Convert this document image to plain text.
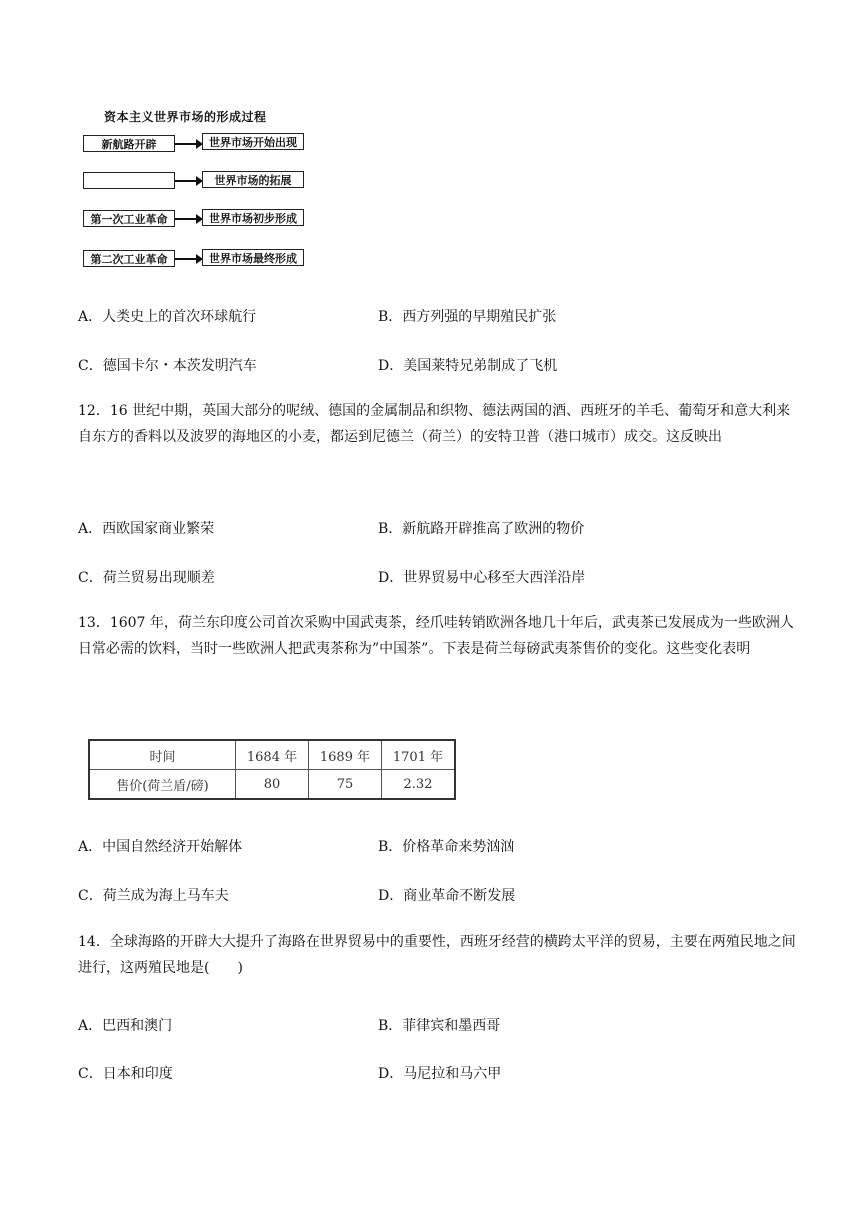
资本主义世界市场的形成过程
新航路开辟	世界市场开始出现
世界市场的拓展
第一次工业革命	世界市场初步形成
第二次工业革命	世界市场最终形成
A．人类史上的首次环球航行	B．西方列强的早期殖民扩张
C．德国卡尔・本茨发明汽车	D．美国莱特兄弟制成了飞机
12．16 世纪中期，英国大部分的呢绒、德国的金属制品和织物、德法两国的酒、西班牙的羊毛、葡萄牙和意大利来自东方的香料以及波罗的海地区的小麦，都运到尼德兰（荷兰）的安特卫普（港口城市）成交。这反映出
A．西欧国家商业繁荣	B．新航路开辟推高了欧洲的物价
C．荷兰贸易出现顺差	D．世界贸易中心移至大西洋沿岸
13．1607 年，荷兰东印度公司首次采购中国武夷茶，经爪哇转销欧洲各地几十年后，武夷茶已发展成为一些欧洲人日常必需的饮料，当时一些欧洲人把武夷茶称为”中国茶”。下表是荷兰每磅武夷茶售价的变化。这些变化表明
时间	1684 年	1689 年	1701 年
售价(荷兰盾/磅)	80	75	2.32
A．中国自然经济开始解体	B．价格革命来势汹汹
C．荷兰成为海上马车夫	D．商业革命不断发展
14．全球海路的开辟大大提升了海路在世界贸易中的重要性，西班牙经营的横跨太平洋的贸易，主要在两殖民地之间进行，这两殖民地是(　　)
A．巴西和澳门	B．菲律宾和墨西哥
C．日本和印度	D．马尼拉和马六甲
